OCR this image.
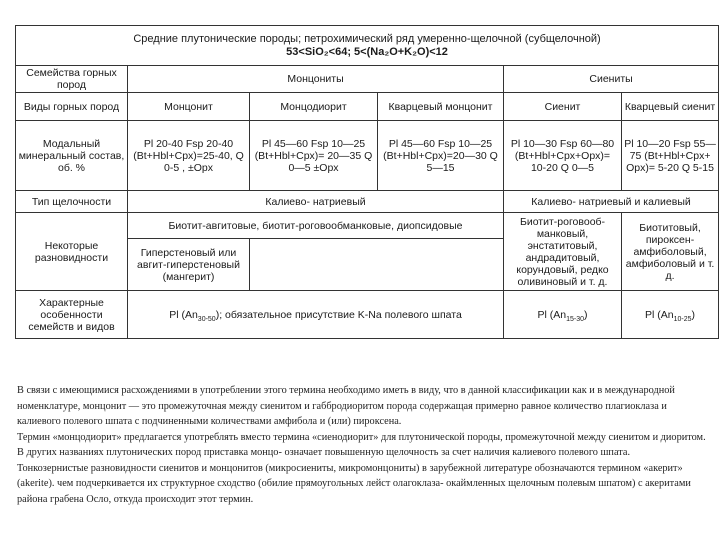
Средние плутонические породы; петрохимический ряд умеренно-щелочной (субщелочной)
53<SiO₂<64; 5<(Na₂O+K₂O)<12					

Семейства горных пород	Монцониты			Сиениты	
Виды горных пород	Монцонит	Монцодиорит	Кварцевый монцонит	Сиенит	Кварцевый сиенит
Модальный минеральный состав, об. %	Pl 20-40 Fsp 20-40 (Bt+Hbl+Cpx)=25-40, Q 0-5 , ±Opx	Pl 45—60 Fsp 10—25 (Bt+Hbl+Cpx)= 20—35 Q 0—5 ±Opx	Pl 45—60 Fsp 10—25 (Bt+Hbl+Cpx)=20—30 Q 5—15	Pl 10—30 Fsp 60—80 (Bt+Hbl+Cpx+Opx)= 10-20 Q 0—5	Pl 10—20 Fsp 55—75 (Bt+Hbl+Cpx+ Opx)= 5-20 Q 5-15
Тип щелочности	Калиево- натриевый			Калиево- натриевый и калиевый	
Некоторые разновидности	Биотит-авгитовые, биотит-роговообманковые, диопсидовые			Биотит-роговооб- манковый, энстатитовый, андрадитовый, корундовый, редко оливиновый и т. д.	Биотитовый, пироксен- амфиболовый, амфиболовый и т. д.
	Гиперстеновый или авгит-гиперстеновый (мангерит)				
Характерные особенности семейств и видов	Pl $(An_{30-50})$; обязательное присутствие K-Na полевого шпата			Pl $(An_{15-30})$	Pl $(An_{10-25})$

В связи с имеющимися расхождениями в употреблении этого термина необходимо иметь в виду, что в данной классификации как и в международной номенклатуре, монцонит — это промежуточная между сиенитом и габбродиоритом порода содержащая примерно равное количество плагиоклаза и калиевого полевого шпата с подчиненными количествами амфибола и (или) пироксена.

Термин «монцодиорит» предлагается употреблять вместо термина «сиенодиорит» для плутонической породы, промежуточной между сиенитом и диоритом. В других названиях плутонических пород приставка монцо- означает повышенную щелочность за счет наличия калиевого полевого шпата.

Тонкозернистые разновидности сиенитов и монцонитов (микросиениты, микромонцониты) в зарубежной литературе обозначаются термином «акерит» (akerite). чем подчеркивается их структурное сходство (обилие прямоугольных лейст олагоклаза- окаймленных щелочным полевым шпатом) с акеритами района грабена Осло, откуда происходит этот термин.
